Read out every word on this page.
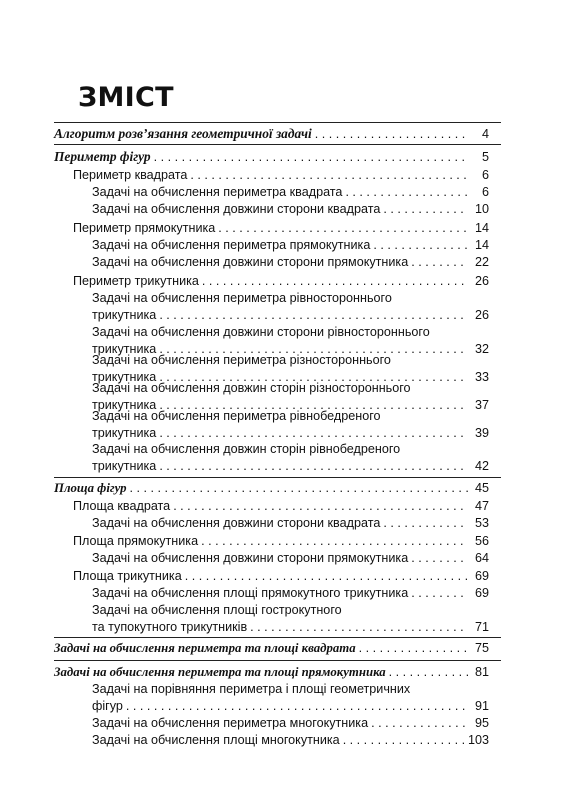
ЗМІСТ
Алгоритм розв’язання геометричної задачі . . .	4
Периметр фігур . . .	5
Периметр квадрата . . .	6
Задачі на обчислення периметра квадрата . . .	6
Задачі на обчислення довжини сторони квадрата . . .	10
Периметр прямокутника . . .	14
Задачі на обчислення периметра прямокутника . . .	14
Задачі на обчислення довжини сторони прямокутника . . .	22
Периметр трикутника . . .	26
Задачі на обчислення периметра рівностороннього
трикутника . . .	26
Задачі на обчислення довжини сторони рівностороннього
трикутника . . .	32
Задачі на обчислення периметра різностороннього
трикутника . . .	33
Задачі на обчислення довжин сторін різностороннього
трикутника . . .	37
Задачі на обчислення периметра рівнобедреного
трикутника . . .	39
Задачі на обчислення довжин сторін рівнобедреного
трикутника . . .	42
Площа фігур . . .	45
Площа квадрата . . .	47
Задачі на обчислення довжини сторони квадрата . . .	53
Площа прямокутника . . .	56
Задачі на обчислення довжини сторони прямокутника . . .	64
Площа трикутника . . .	69
Задачі на обчислення площі прямокутного трикутника . . .	69
Задачі на обчислення площі гострокутного
та тупокутного трикутників . . .	71
Задачі на обчислення периметра та площі квадрата . . .	75
Задачі на обчислення периметра та площі прямокутника . . .	81
Задачі на порівняння периметра і площі геометричних
фігур . . .	91
Задачі на обчислення периметра многокутника . . .	95
Задачі на обчислення площі многокутника . . .	103
